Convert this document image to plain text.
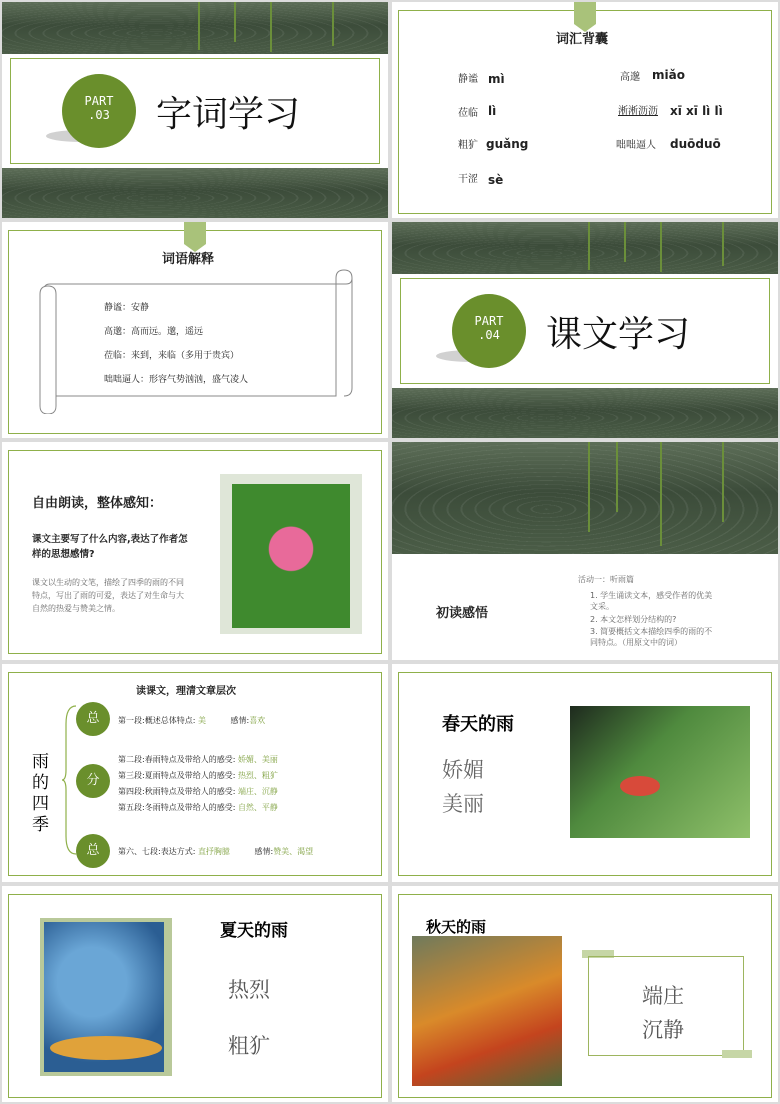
PART
.03	字词学习
词汇背囊
静谧 mì	高邈 miǎo
莅临 lì	淅淅沥沥 xī xī lì lì
粗犷 guǎng	咄咄逼人 duōduō
干涩 sè
词语解释
静谧：安静
高邈：高而远。邈，遥远
莅临：来到，来临（多用于贵宾）
咄咄逼人：形容气势汹汹，盛气凌人
PART
.04	课文学习
自由朗读，整体感知：
课文主要写了什么内容,表达了作者怎样的思想感情?
课文以生动的文笔，描绘了四季的雨的不同特点，写出了雨的可爱，表达了对生命与大自然的热爱与赞美之情。	初读感悟
活动一：听雨篇
1. 学生诵读文本，感受作者的优美文采。
2. 本文怎样划分结构的?
3. 简要概括文本描绘四季的雨的不同特点。（用原文中的词）
读课文，理清文章层次
雨的四季
总
分
总
第一段:概述总体特点: 美	感情:喜欢
第二段:春雨特点及带给人的感受: 娇媚、美丽
第三段:夏雨特点及带给人的感受: 热烈、粗犷
第四段:秋雨特点及带给人的感受: 端庄、沉静
第五段:冬雨特点及带给人的感受: 自然、平静
第六、七段:表达方式: 直抒胸臆	感情:赞美、渴望
春天的雨
娇媚
美丽
夏天的雨
热烈
粗犷
秋天的雨
端庄
沉静
